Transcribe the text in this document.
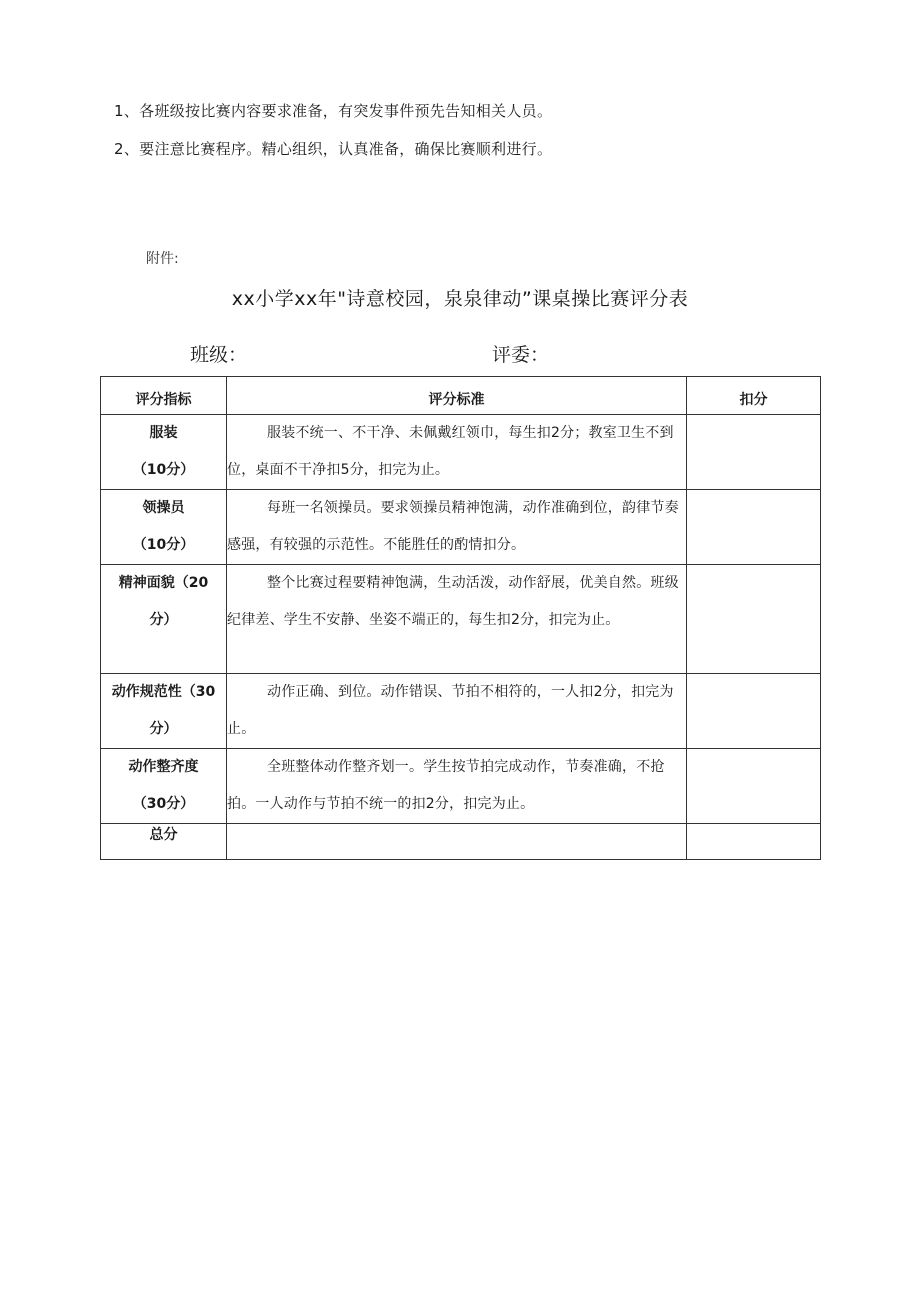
1、各班级按比赛内容要求准备，有突发事件预先告知相关人员。
2、要注意比赛程序。精心组织，认真准备，确保比赛顺利进行。
附件:
xx小学xx年"诗意校园，泉泉律动”课桌操比赛评分表
班级：	评委：
评分指标	评分标准	扣分

服装
（10分）	服装不统一、不干净、未佩戴红领巾，每生扣2分；教室卫生不到位，桌面不干净扣5分，扣完为止。	

领操员
（10分）	每班一名领操员。要求领操员精神饱满，动作准确到位，韵律节奏感强，有较强的示范性。不能胜任的酌情扣分。	

精神面貌（20
分）	整个比赛过程要精神饱满，生动活泼，动作舒展，优美自然。班级纪律差、学生不安静、坐姿不端正的，每生扣2分，扣完为止。	

动作规范性（30
分）	动作正确、到位。动作错误、节拍不相符的，一人扣2分，扣完为止。	

动作整齐度
（30分）	全班整体动作整齐划一。学生按节拍完成动作，节奏准确，不抢拍。一人动作与节拍不统一的扣2分，扣完为止。	

总分		
